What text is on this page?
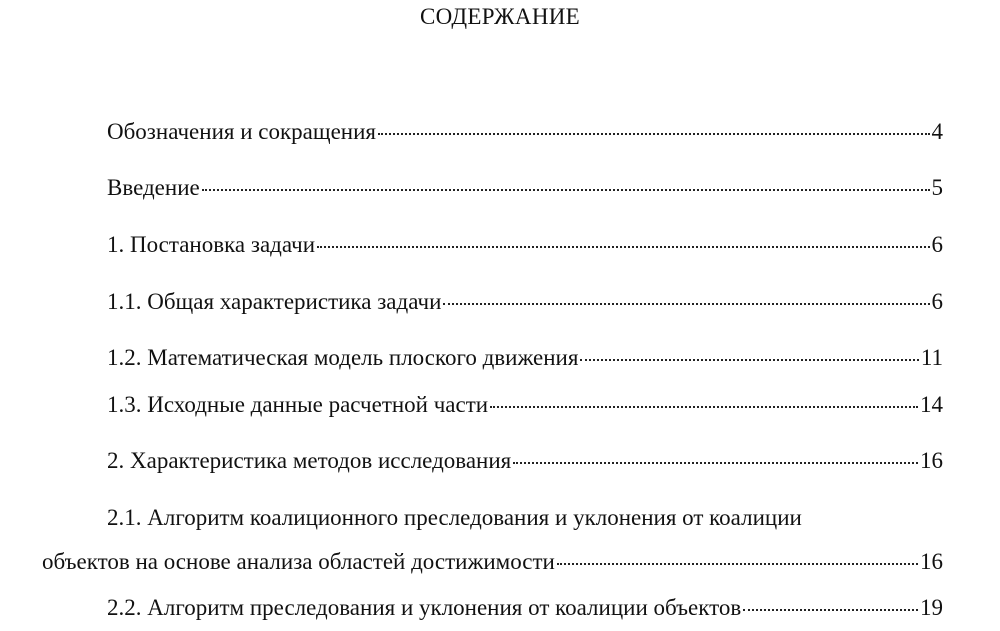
СОДЕРЖАНИЕ
Обозначения и сокращения	4
Введение	5
1. Постановка задачи	6
1.1. Общая характеристика задачи	6
1.2. Математическая модель плоского движения	11
1.3. Исходные данные расчетной части	14
2. Характеристика методов исследования	16
2.1. Алгоритм коалиционного преследования и уклонения от коалиции
объектов на основе анализа областей достижимости	16
2.2. Алгоритм преследования и уклонения от коалиции объектов	19
